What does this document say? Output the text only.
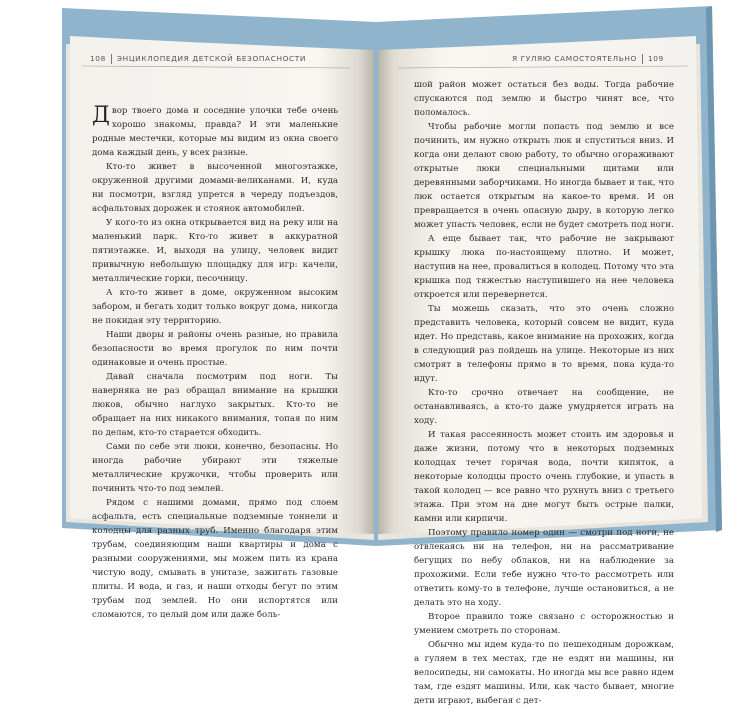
108 ЭНЦИКЛОПЕДИЯ ДЕТСКОЙ БЕЗОПАСНОСТИ	Я ГУЛЯЮ САМОСТОЯТЕЛЬНО 109

Двор твоего дома и соседние улочки тебе очень хорошо знакомы, правда? И эти маленькие родные местечки, которые мы видим из окна своего дома каждый день, у всех разные.

Кто-то живет в высоченной многоэтажке, окруженной другими домами-великанами. И, куда ни посмотри, взгляд упрется в череду подъездов, асфальтовых дорожек и стоянок автомобилей.

У кого-то из окна открывается вид на реку или на маленький парк. Кто-то живет в аккуратной пятиэтажке. И, выходя на улицу, человек видит привычную небольшую площадку для игр: качели, металлические горки, песочницу.

А кто-то живет в доме, окруженном высоким забором, и бегать ходит только вокруг дома, никогда не покидая эту территорию.

Наши дворы и районы очень разные, но правила безопасности во время прогулок по ним почти одинаковые и очень простые.

Давай сначала посмотрим под ноги. Ты наверняка не раз обращал внимание на крышки люков, обычно наглухо закрытых. Кто-то не обращает на них никакого внимания, топая по ним по делам, кто-то старается обходить.

Сами по себе эти люки, конечно, безопасны. Но иногда рабочие убирают эти тяжелые металлические кружочки, чтобы проверить или починить что-то под землей.

Рядом с нашими домами, прямо под слоем асфальта, есть специальные подземные тоннели и колодцы для разных труб. Именно благодаря этим трубам, соединяющим наши квартиры и дома с разными сооружениями, мы можем пить из крана чистую воду, смывать в унитазе, зажигать газовые плиты. И вода, и газ, и наши отходы бегут по этим трубам под землей. Но они испортятся или сломаются, то целый дом или даже боль-

шой район может остаться без воды. Тогда рабочие спускаются под землю и быстро чинят все, что поломалось.

Чтобы рабочие могли попасть под землю и все починить, им нужно открыть люк и спуститься вниз. И когда они делают свою работу, то обычно огораживают открытые люки специальными щитами или деревянными заборчиками. Но иногда бывает и так, что люк остается открытым на какое-то время. И он превращается в очень опасную дыру, в которую легко может упасть человек, если не будет смотреть под ноги.

А еще бывает так, что рабочие не закрывают крышку люка по-настоящему плотно. И может, наступив на нее, провалиться в колодец. Потому что эта крышка под тяжестью наступившего на нее человека откроется или перевернется.

Ты можешь сказать, что это очень сложно представить человека, который совсем не видит, куда идет. Но представь, какое внимание на прохожих, когда в следующий раз пойдешь на улице. Некоторые из них смотрят в телефоны прямо в то время, пока куда-то идут.

Кто-то срочно отвечает на сообщение, не останавливаясь, а кто-то даже умудряется играть на ходу.

И такая рассеянность может стоить им здоровья и даже жизни, потому что в некоторых подземных колодцах течет горячая вода, почти кипяток, а некоторые колодцы просто очень глубокие, и упасть в такой колодец — все равно что рухнуть вниз с третьего этажа. При этом на дне могут быть острые палки, камни или кирпичи.

Поэтому правило номер один — смотри под ноги, не отвлекаясь ни на телефон, ни на рассматривание бегущих по небу облаков, ни на наблюдение за прохожими. Если тебе нужно что-то рассмотреть или ответить кому-то в телефоне, лучше остановиться, а не делать это на ходу.

Второе правило тоже связано с осторожностью и умением смотреть по сторонам.

Обычно мы идем куда-то по пешеходным дорожкам, а гуляем в тех местах, где не ездят ни машины, ни велосипеды, ни самокаты. Но иногда мы все равно идем там, где ездят машины. Или, как часто бывает, многие дети играют, выбегая с дет-
